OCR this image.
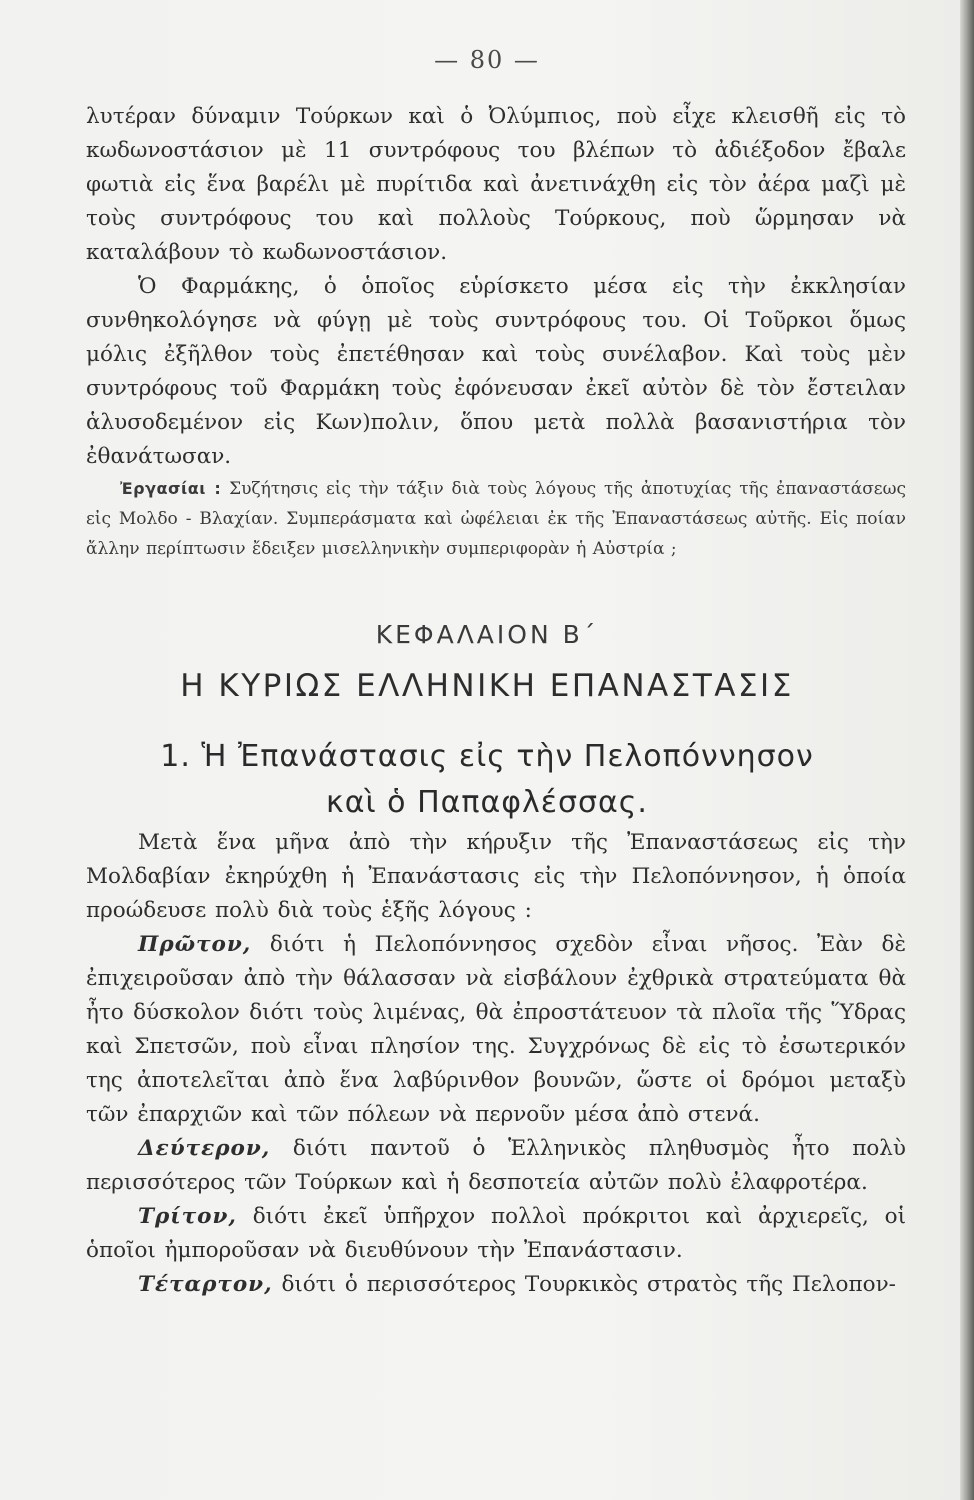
— 80 —

λυτέραν δύναμιν Τούρκων καὶ ὁ Ὀλύμπιος, ποὺ εἶχε κλεισθῆ εἰς τὸ κωδωνοστάσιον μὲ 11 συντρόφους του βλέπων τὸ ἀδιέξοδον ἔβαλε φωτιὰ εἰς ἕνα βαρέλι μὲ πυρίτιδα καὶ ἀνετινάχθη εἰς τὸν ἀέρα μαζὶ μὲ τοὺς συντρόφους του καὶ πολλοὺς Τούρκους, ποὺ ὥρμησαν νὰ καταλάβουν τὸ κωδωνοστάσιον.

Ὁ Φαρμάκης, ὁ ὁποῖος εὑρίσκετο μέσα εἰς τὴν ἐκκλησίαν συνθηκολόγησε νὰ φύγῃ μὲ τοὺς συντρόφους του. Οἱ Τοῦρκοι ὅμως μόλις ἐξῆλθον τοὺς ἐπετέθησαν καὶ τοὺς συνέλαβον. Καὶ τοὺς μὲν συντρόφους τοῦ Φαρμάκη τοὺς ἐφόνευσαν ἐκεῖ αὐτὸν δὲ τὸν ἔστειλαν ἁλυσοδεμένον εἰς Κων)πολιν, ὅπου μετὰ πολλὰ βασανιστήρια τὸν ἐθανάτωσαν.

Ἐργασίαι : Συζήτησις εἰς τὴν τάξιν διὰ τοὺς λόγους τῆς ἀποτυχίας τῆς ἐπαναστάσεως εἰς Μολδο - Βλαχίαν. Συμπεράσματα καὶ ὠφέλειαι ἐκ τῆς Ἐπαναστάσεως αὐτῆς. Εἰς ποίαν ἄλλην περίπτωσιν ἔδειξεν μισελληνικὴν συμπεριφορὰν ἡ Αὐστρία ;
ΚΕΦΑΛΑΙΟΝ Β΄
Η ΚΥΡΙΩΣ ΕΛΛΗΝΙΚΗ ΕΠΑΝΑΣΤΑΣΙΣ
1. Ἡ Ἐπανάστασις εἰς τὴν Πελοπόννησον
καὶ ὁ Παπαφλέσσας.

Μετὰ ἕνα μῆνα ἀπὸ τὴν κήρυξιν τῆς Ἐπαναστάσεως εἰς τὴν Μολδαβίαν ἐκηρύχθη ἡ Ἐπανάστασις εἰς τὴν Πελοπόννησον, ἡ ὁποία προώδευσε πολὺ διὰ τοὺς ἑξῆς λόγους :

Πρῶτον, διότι ἡ Πελοπόννησος σχεδὸν εἶναι νῆσος. Ἐὰν δὲ ἐπιχειροῦσαν ἀπὸ τὴν θάλασσαν νὰ εἰσβάλουν ἐχθρικὰ στρατεύματα θὰ ἦτο δύσκολον διότι τοὺς λιμένας, θὰ ἐπροστάτευον τὰ πλοῖα τῆς Ὕδρας καὶ Σπετσῶν, ποὺ εἶναι πλησίον της. Συγχρόνως δὲ εἰς τὸ ἐσωτερικόν της ἀποτελεῖται ἀπὸ ἕνα λαβύρινθον βουνῶν, ὥστε οἱ δρόμοι μεταξὺ τῶν ἐπαρχιῶν καὶ τῶν πόλεων νὰ περνοῦν μέσα ἀπὸ στενά.

Δεύτερον, διότι παντοῦ ὁ Ἑλληνικὸς πληθυσμὸς ἦτο πολὺ περισσότερος τῶν Τούρκων καὶ ἡ δεσποτεία αὐτῶν πολὺ ἐλαφροτέρα.

Τρίτον, διότι ἐκεῖ ὑπῆρχον πολλοὶ πρόκριτοι καὶ ἀρχιερεῖς, οἱ ὁποῖοι ἠμποροῦσαν νὰ διευθύνουν τὴν Ἐπανάστασιν.

Τέταρτον, διότι ὁ περισσότερος Τουρκικὸς στρατὸς τῆς Πελοπον-
